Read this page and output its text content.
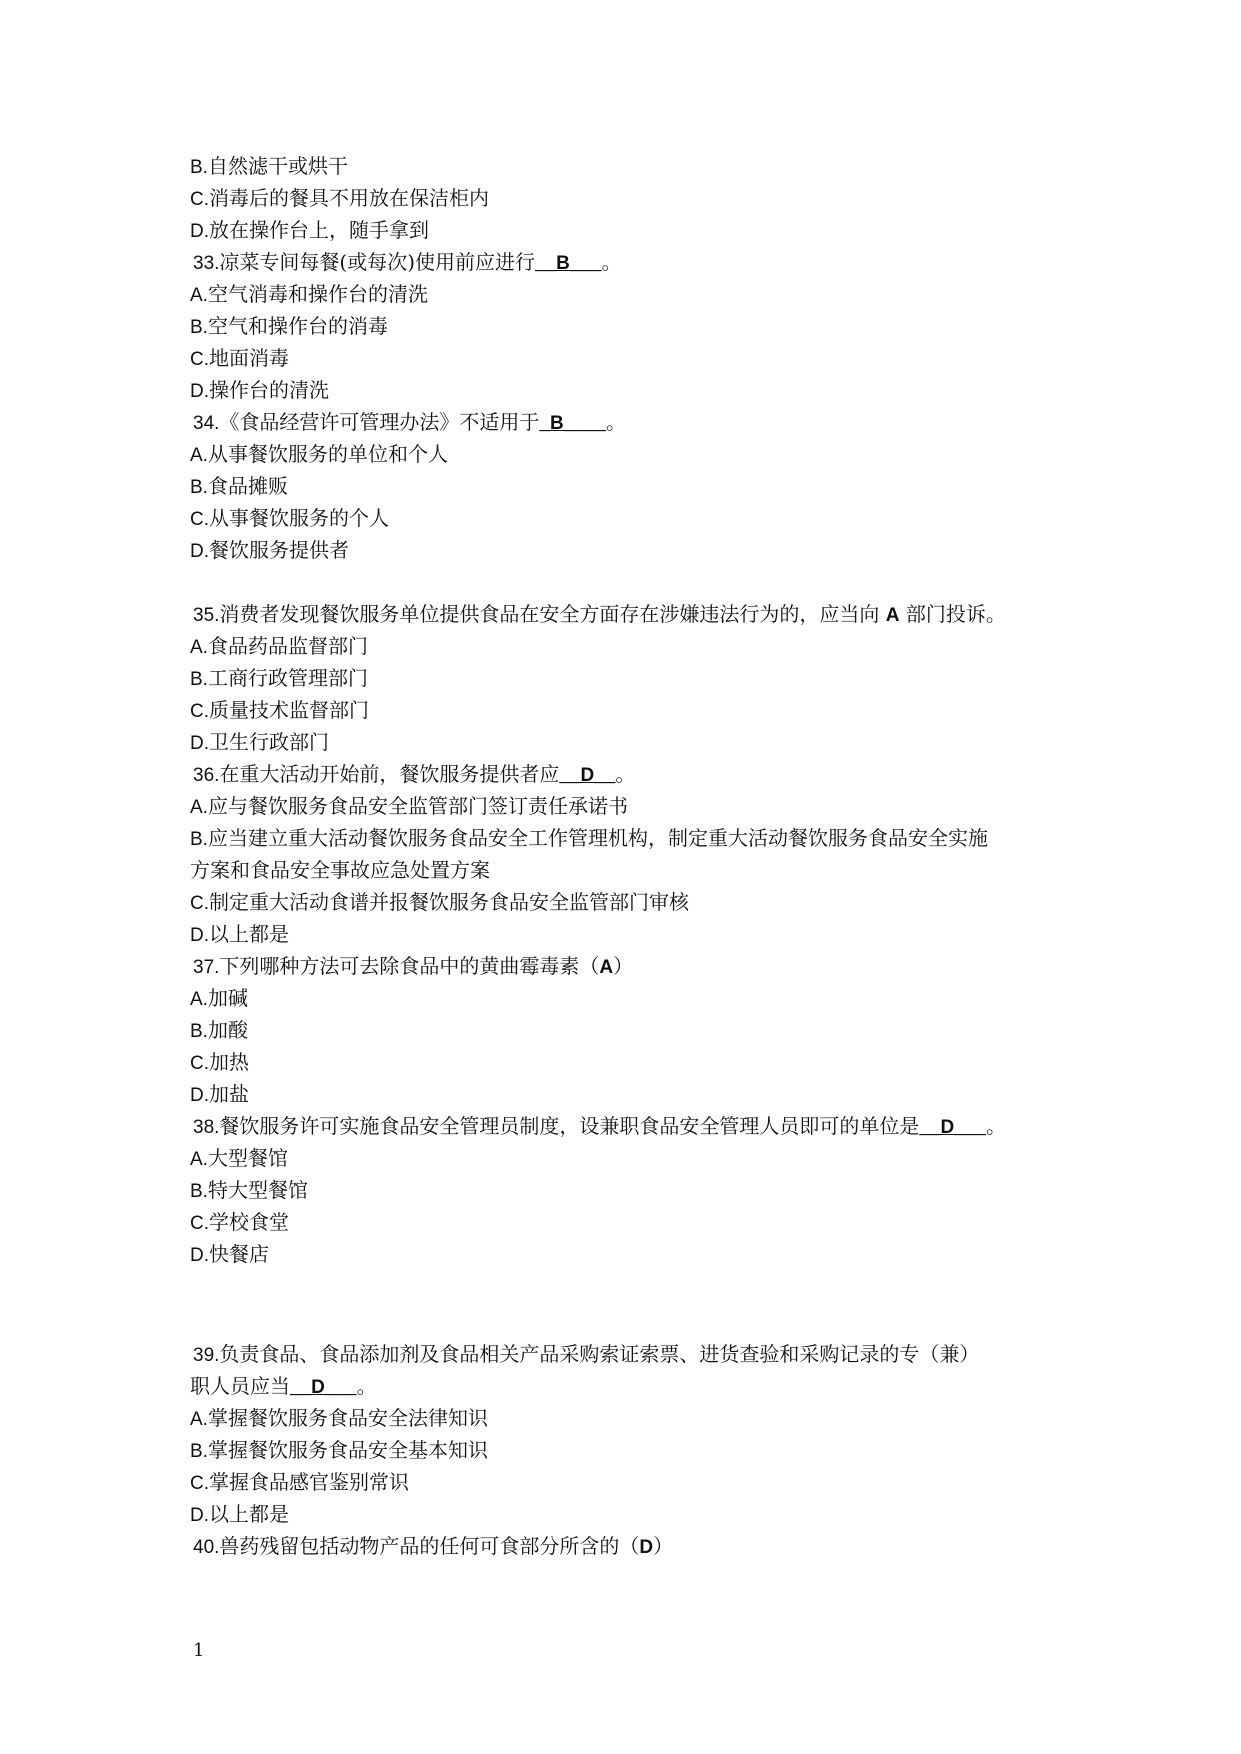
B.自然滤干或烘干
C.消毒后的餐具不用放在保洁柜内
D.放在操作台上，随手拿到
33.凉菜专间每餐(或每次)使用前应进行__B___。
A.空气消毒和操作台的清洗
B.空气和操作台的消毒
C.地面消毒
D.操作台的清洗
34.《食品经营许可管理办法》不适用于_B____。
A.从事餐饮服务的单位和个人
B.食品摊贩
C.从事餐饮服务的个人
D.餐饮服务提供者
35.消费者发现餐饮服务单位提供食品在安全方面存在涉嫌违法行为的，应当向 A 部门投诉。
A.食品药品监督部门
B.工商行政管理部门
C.质量技术监督部门
D.卫生行政部门
36.在重大活动开始前，餐饮服务提供者应__D__。
A.应与餐饮服务食品安全监管部门签订责任承诺书
B.应当建立重大活动餐饮服务食品安全工作管理机构，制定重大活动餐饮服务食品安全实施
方案和食品安全事故应急处置方案
C.制定重大活动食谱并报餐饮服务食品安全监管部门审核
D.以上都是
37.下列哪种方法可去除食品中的黄曲霉毒素（A）
A.加碱
B.加酸
C.加热
D.加盐
38.餐饮服务许可实施食品安全管理员制度，设兼职食品安全管理人员即可的单位是__D___。
A.大型餐馆
B.特大型餐馆
C.学校食堂
D.快餐店
39.负责食品、食品添加剂及食品相关产品采购索证索票、进货查验和采购记录的专（兼）
职人员应当__D___。
A.掌握餐饮服务食品安全法律知识
B.掌握餐饮服务食品安全基本知识
C.掌握食品感官鉴别常识
D.以上都是
40.兽药残留包括动物产品的任何可食部分所含的（D）
1
